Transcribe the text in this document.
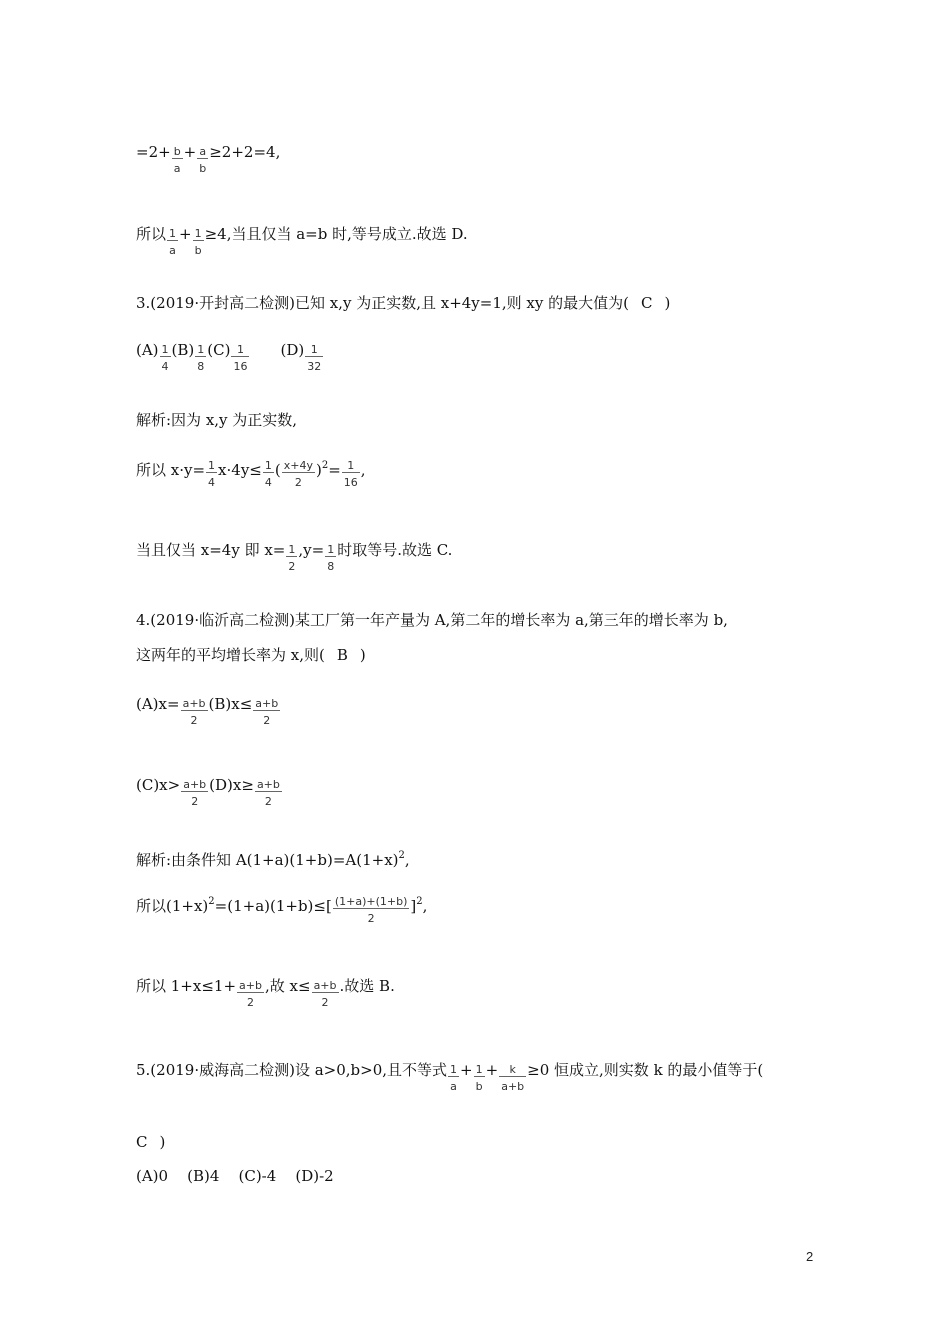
$=2+ \frac{b}{a} + \frac{a}{b} \ge 2+2=4$,
所以 $\frac{1}{a} + \frac{1}{b} \ge 4$,当且仅当 a=b 时,等号成立.故选 D.
3.(2019·开封高二检测)已知 x,y 为正实数,且 x+4y=1,则 xy 的最大值为( C )
$(A) \frac{1}{4} (B) \frac{1}{8} (C) \frac{1}{16} (D) \frac{1}{32}$
解析:因为 x,y 为正实数,
所以 $x\cdot y= \frac{1}{4} x\cdot 4y\le \frac{1}{4}$ ( $\frac{x+4y}{2} )^2= \frac{1}{16}$ ,
当且仅当 x=4y 即 $x= \frac{1}{2} ,y= \frac{1}{8}$ 时取等号.故选 C.
4.(2019·临沂高二检测)某工厂第一年产量为 A,第二年的增长率为 a,第三年的增长率为 b,
这两年的平均增长率为 x,则( B )
$(A)x= \frac{a+b}{2} (B)x\le \frac{a+b}{2}$
$(C)x> \frac{a+b}{2} (D)x\ge \frac{a+b}{2}$
解析:由条件知 $A(1+a)(1+b)=A(1+x)^2$,
所以$(1+x)^2=(1+a)(1+b)\le[ \frac{(1+a)+(1+b)}{2} ]^2$,
所以 $1+x\le 1+ \frac{a+b}{2}$ ,故 $x\le \frac{a+b}{2}$ .故选 B.
5.(2019·威海高二检测)设 a>0,b>0,且不等式 $\frac{1}{a} + \frac{1}{b} + \frac{k}{a+b} \ge 0$ 恒成立,则实数 k 的最小值等于(
C )
(A)0    (B)4    (C)-4    (D)-2
2
